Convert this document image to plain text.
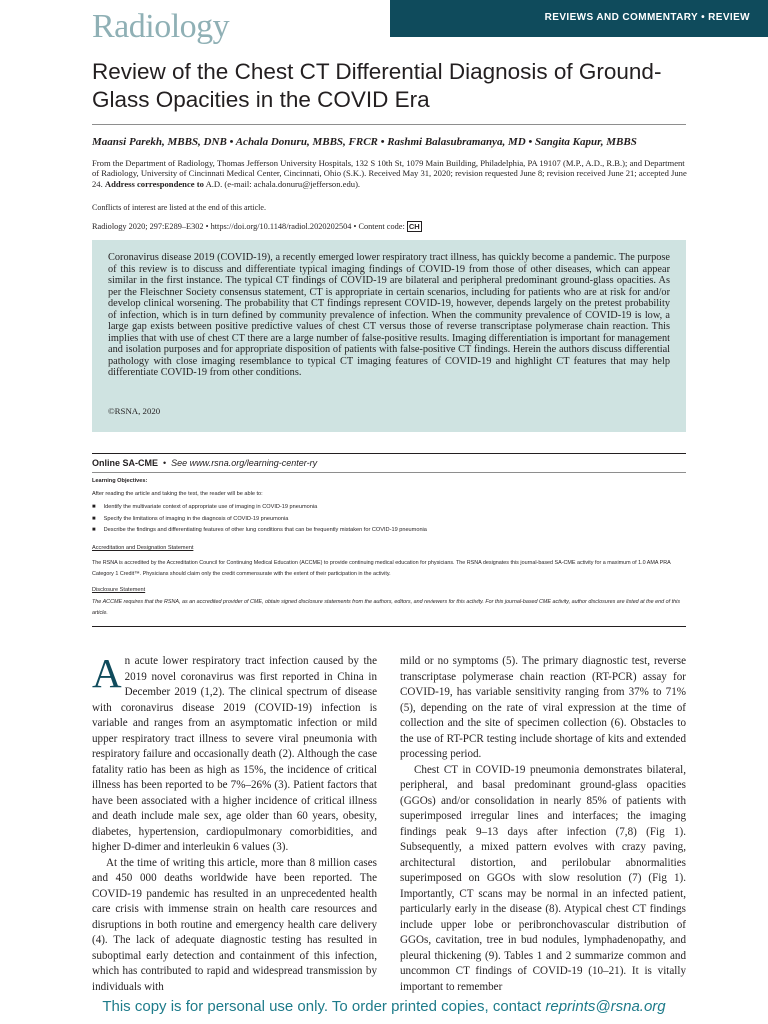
Radiology	REVIEWS AND COMMENTARY • REVIEW
Review of the Chest CT Differential Diagnosis of Ground-Glass Opacities in the COVID Era
Maansi Parekh, MBBS, DNB • Achala Donuru, MBBS, FRCR • Rashmi Balasubramanya, MD • Sangita Kapur, MBBS
From the Department of Radiology, Thomas Jefferson University Hospitals, 132 S 10th St, 1079 Main Building, Philadelphia, PA 19107 (M.P., A.D., R.B.); and Department of Radiology, University of Cincinnati Medical Center, Cincinnati, Ohio (S.K.). Received May 31, 2020; revision requested June 8; revision received June 21; accepted June 24. Address correspondence to A.D. (e-mail: achala.donuru@jefferson.edu).
Conflicts of interest are listed at the end of this article.
Radiology 2020; 297:E289–E302 • https://doi.org/10.1148/radiol.2020202504 • Content code: CH
Coronavirus disease 2019 (COVID-19), a recently emerged lower respiratory tract illness, has quickly become a pandemic. The purpose of this review is to discuss and differentiate typical imaging findings of COVID-19 from those of other diseases, which can appear similar in the first instance. The typical CT findings of COVID-19 are bilateral and peripheral predominant ground-glass opacities. As per the Fleischner Society consensus statement, CT is appropriate in certain scenarios, including for patients who are at risk for and/or develop clinical worsening. The probability that CT findings represent COVID-19, however, depends largely on the pretest probability of infection, which is in turn defined by community prevalence of infection. When the community prevalence of COVID-19 is low, a large gap exists between positive predictive values of chest CT versus those of reverse transcriptase polymerase chain reaction. This implies that with use of chest CT there are a large number of false-positive results. Imaging differentiation is important for management and isolation purposes and for appropriate disposition of patients with false-positive CT findings. Herein the authors discuss differential pathology with close imaging resemblance to typical CT imaging features of COVID-19 and highlight CT features that may help differentiate COVID-19 from other conditions.
©RSNA, 2020
Online SA-CME  •  See www.rsna.org/learning-center-ry
Learning Objectives:
After reading the article and taking the test, the reader will be able to:
■ Identify the multivariate context of appropriate use of imaging in COVID-19 pneumonia
■ Specify the limitations of imaging in the diagnosis of COVID-19 pneumonia
■ Describe the findings and differentiating features of other lung conditions that can be frequently mistaken for COVID-19 pneumonia
Accreditation and Designation Statement
The RSNA is accredited by the Accreditation Council for Continuing Medical Education (ACCME) to provide continuing medical education for physicians. The RSNA designates this journal-based SA-CME activity for a maximum of 1.0 AMA PRA Category 1 Credit™. Physicians should claim only the credit commensurate with the extent of their participation in the activity.
Disclosure Statement
The ACCME requires that the RSNA, as an accredited provider of CME, obtain signed disclosure statements from the authors, editors, and reviewers for this activity. For this journal-based CME activity, author disclosures are listed at the end of this article.

An acute lower respiratory tract infection caused by the 2019 novel coronavirus was first reported in China in December 2019 (1,2). The clinical spectrum of disease with coronavirus disease 2019 (COVID-19) infection is variable and ranges from an asymptomatic infection or mild upper respiratory tract illness to severe viral pneumonia with respiratory failure and occasionally death (2). Although the case fatality ratio has been as high as 15%, the incidence of critical illness has been reported to be 7%–26% (3). Patient factors that have been associated with a higher incidence of critical illness and death include male sex, age older than 60 years, obesity, diabetes, hypertension, cardiopulmonary comorbidities, and higher D-dimer and interleukin 6 values (3).

At the time of writing this article, more than 8 million cases and 450 000 deaths worldwide have been reported. The COVID-19 pandemic has resulted in an unprecedented health care crisis with immense strain on health care resources and disruptions in both routine and emergency health care delivery (4). The lack of adequate diagnostic testing has resulted in suboptimal early detection and containment of this infection, which has contributed to rapid and widespread transmission by individuals with

mild or no symptoms (5). The primary diagnostic test, reverse transcriptase polymerase chain reaction (RT-PCR) assay for COVID-19, has variable sensitivity ranging from 37% to 71% (5), depending on the rate of viral expression at the time of collection and the site of specimen collection (6). Obstacles to the use of RT-PCR testing include shortage of kits and extended processing period.

Chest CT in COVID-19 pneumonia demonstrates bilateral, peripheral, and basal predominant ground-glass opacities (GGOs) and/or consolidation in nearly 85% of patients with superimposed irregular lines and interfaces; the imaging findings peak 9–13 days after infection (7,8) (Fig 1). Subsequently, a mixed pattern evolves with crazy paving, architectural distortion, and perilobular abnormalities superimposed on GGOs with slow resolution (7) (Fig 1). Importantly, CT scans may be normal in an infected patient, particularly early in the disease (8). Atypical chest CT findings include upper lobe or peribronchovascular distribution of GGOs, cavitation, tree in bud nodules, lymphadenopathy, and pleural thickening (9). Tables 1 and 2 summarize common and uncommon CT findings of COVID-19 (10–21). It is vitally important to remember

This copy is for personal use only. To order printed copies, contact reprints@rsna.org
